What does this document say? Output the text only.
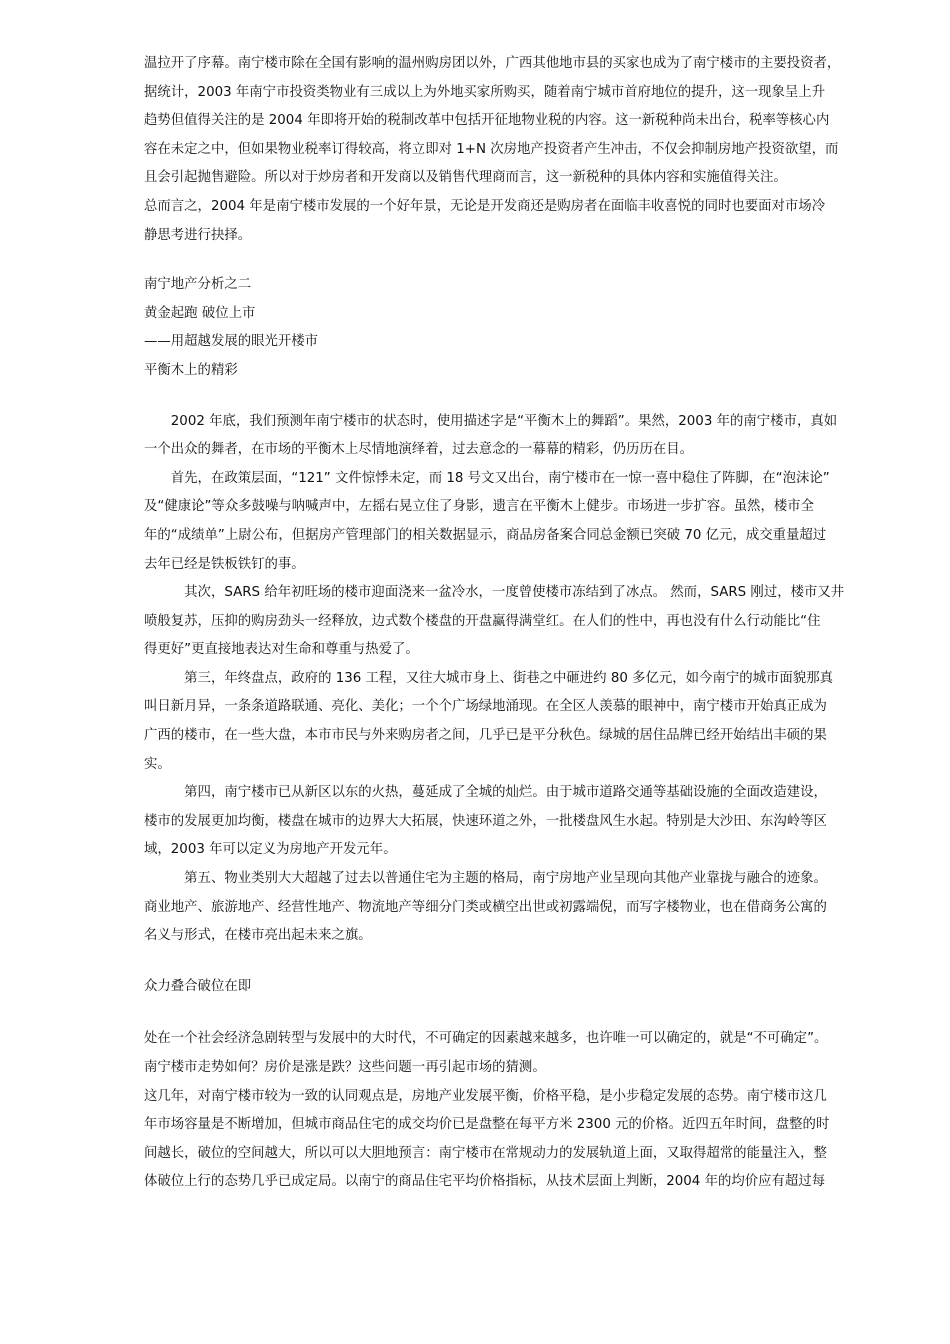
温拉开了序幕。南宁楼市除在全国有影响的温州购房团以外，广西其他地市县的买家也成为了南宁楼市的主要投资者，
据统计，2003 年南宁市投资类物业有三成以上为外地买家所购买，随着南宁城市首府地位的提升，这一现象呈上升
趋势但值得关注的是 2004 年即将开始的税制改革中包括开征地物业税的内容。这一新税种尚未出台，税率等核心内
容在未定之中，但如果物业税率订得较高，将立即对 1+N 次房地产投资者产生冲击，不仅会抑制房地产投资欲望，而
且会引起抛售避险。所以对于炒房者和开发商以及销售代理商而言，这一新税种的具体内容和实施值得关注。
总而言之，2004 年是南宁楼市发展的一个好年景，无论是开发商还是购房者在面临丰收喜悦的同时也要面对市场冷
静思考进行抉择。
南宁地产分析之二
黄金起跑 破位上市
——用超越发展的眼光开楼市
平衡木上的精彩
　　2002 年底，我们预测年南宁楼市的状态时，使用描述字是“平衡木上的舞蹈”。果然，2003 年的南宁楼市，真如
一个出众的舞者，在市场的平衡木上尽情地演绎着，过去意念的一幕幕的精彩，仍历历在目。
　　首先，在政策层面，“121” 文件惊悸未定，而 18 号文又出台，南宁楼市在一惊一喜中稳住了阵脚，在“泡沫论”
及“健康论”等众多鼓噪与呐喊声中，左摇右晃立住了身影，遗言在平衡木上健步。市场进一步扩容。虽然，楼市全
年的“成绩单”上尉公布，但据房产管理部门的相关数据显示，商品房备案合同总金额已突破 70 亿元，成交重量超过
去年已经是铁板铁钉的事。
　　　其次，SARS 给年初旺场的楼市迎面浇来一盆冷水，一度曾使楼市冻结到了冰点。 然而，SARS 刚过，楼市又井
喷般复苏，压抑的购房劲头一经释放，边式数个楼盘的开盘赢得满堂红。在人们的性中，再也没有什么行动能比“住
得更好”更直接地表达对生命和尊重与热爱了。
　　　第三，年终盘点，政府的 136 工程，又往大城市身上、街巷之中砸进约 80 多亿元，如今南宁的城市面貌那真
叫日新月异，一条条道路联通、亮化、美化；一个个广场绿地涌现。在全区人羡慕的眼神中，南宁楼市开始真正成为
广西的楼市，在一些大盘，本市市民与外来购房者之间，几乎已是平分秋色。绿城的居住品牌已经开始结出丰硕的果
实。
　　　第四，南宁楼市已从新区以东的火热，蔓延成了全城的灿烂。由于城市道路交通等基础设施的全面改造建设，
楼市的发展更加均衡，楼盘在城市的边界大大拓展，快速环道之外，一批楼盘风生水起。特别是大沙田、东沟岭等区
域，2003 年可以定义为房地产开发元年。
　　　第五、物业类别大大超越了过去以普通住宅为主题的格局，南宁房地产业呈现向其他产业靠拢与融合的迹象。
商业地产、旅游地产、经营性地产、物流地产等细分门类或横空出世或初露端倪，而写字楼物业，也在借商务公寓的
名义与形式，在楼市亮出起未来之旗。
众力叠合破位在即
处在一个社会经济急剧转型与发展中的大时代，不可确定的因素越来越多，也许唯一可以确定的，就是“不可确定”。
南宁楼市走势如何？房价是涨是跌？这些问题一再引起市场的猜测。
这几年，对南宁楼市较为一致的认同观点是，房地产业发展平衡，价格平稳，是小步稳定发展的态势。南宁楼市这几
年市场容量是不断增加，但城市商品住宅的成交均价已是盘整在每平方米 2300 元的价格。近四五年时间，盘整的时
间越长，破位的空间越大，所以可以大胆地预言：南宁楼市在常规动力的发展轨道上面，又取得超常的能量注入，整
体破位上行的态势几乎已成定局。以南宁的商品住宅平均价格指标，从技术层面上判断，2004 年的均价应有超过每
